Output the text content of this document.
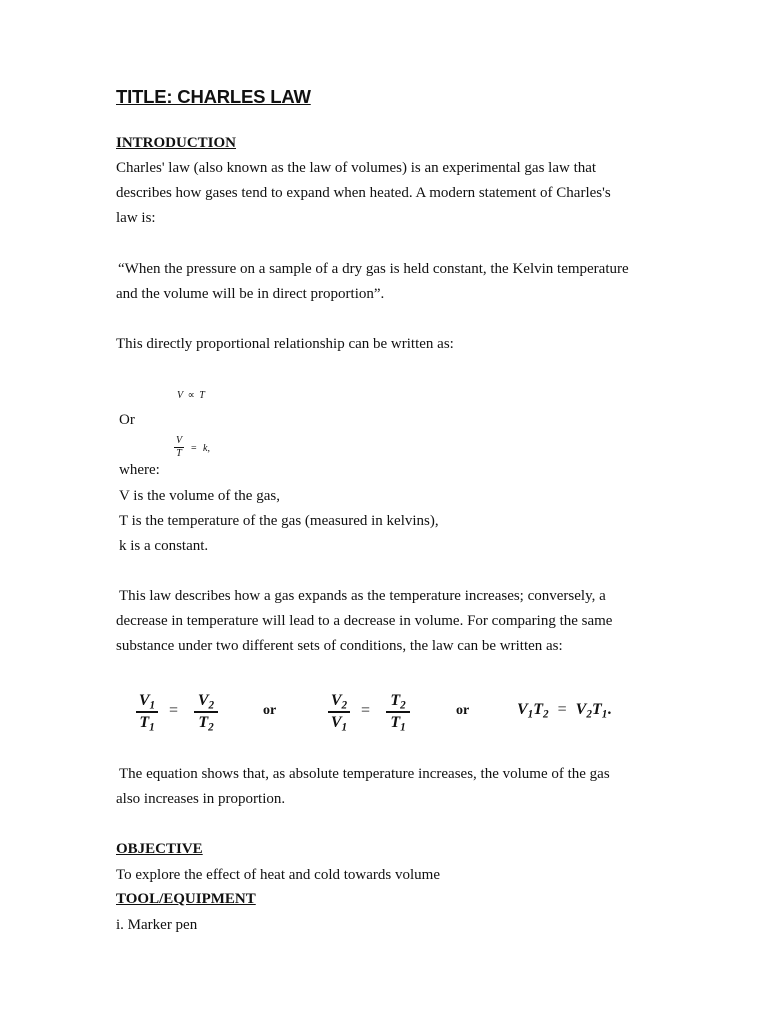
TITLE: CHARLES LAW
INTRODUCTION
Charles' law (also known as the law of volumes) is an experimental gas law that
describes how gases tend to expand when heated. A modern statement of Charles's
law is:
“When the pressure on a sample of a dry gas is held constant, the Kelvin temperature
and the volume will be in direct proportion”.
This directly proportional relationship can be written as:
V ∝ T
Or
V
T = k,
where:
V is the volume of the gas,
T is the temperature of the gas (measured in kelvins),
k is a constant.
This law describes how a gas expands as the temperature increases; conversely, a
decrease in temperature will lead to a decrease in volume. For comparing the same
substance under two different sets of conditions, the law can be written as:
$V_1$
$T_1$
=
$V_2$
$T_2$
or
$V_2$
$V_1$
=
$T_2$
$T_1$
or	$V_1T_2 = V_2T_1$.
The equation shows that, as absolute temperature increases, the volume of the gas
also increases in proportion.
OBJECTIVE
To explore the effect of heat and cold towards volume
TOOL/EQUIPMENT
i. Marker pen
